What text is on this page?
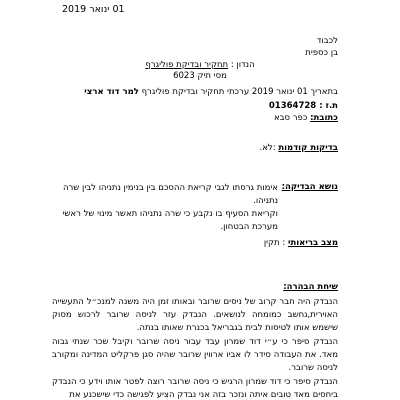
01 ינואר 2019
לכבוד
בן כספית
הנדון : תחקיר ובדיקת פוליגרף
מסי תיק 6023
בתאריך 01 ינואר 2019 ערכתי תחקיר ובדיקת פוליגרף למר דוד ארצי
ת.ז : 01364728
כתובת: כפר סבא
בדיקות קודמות :לא.
נושא הבדיקה:

אימות גרסתו לגבי קריאת ההסכם בין בנימין נתניהו לבין שרה נתניהו.

וקריאת הסעיף בו נקבע כי שרה נתניהו תאשר מינוי של ראשי מערכת הבטחון.

מצב בריאותי : תקין
שיחת הבהרה:

הנבדק היה חבר קרוב של ניסים שרובר ובאותו זמן היה משנה למנכ״ל התעשייה האוירית,נחשב כמומחה לנושאים. הנבדק עזר לניסה שרובר לרכוש מסוק שישמש אותו לטיסות לבית בגבריאל בכנרת שאותו בנתה.

הנבדק סיפר כי ע״י דוד שמרון עבד עבור ניסה שרובר וקיבל שכר שנתי גבוה מאד. את העבודה סידר לו אביו ארווין שרובר שהיה סגן פרקליט המדינה ומקורב לניסה שרובר.

הנבדק סיפר כי דוד שמרון הרגיש כי ניסה שרובר רוצה לפטר אותו וידע כי הנבדק ביחסים מאד טובים איתה ונזכר בזה אני נבדק הציע לפגישה כדי שישכנע את
